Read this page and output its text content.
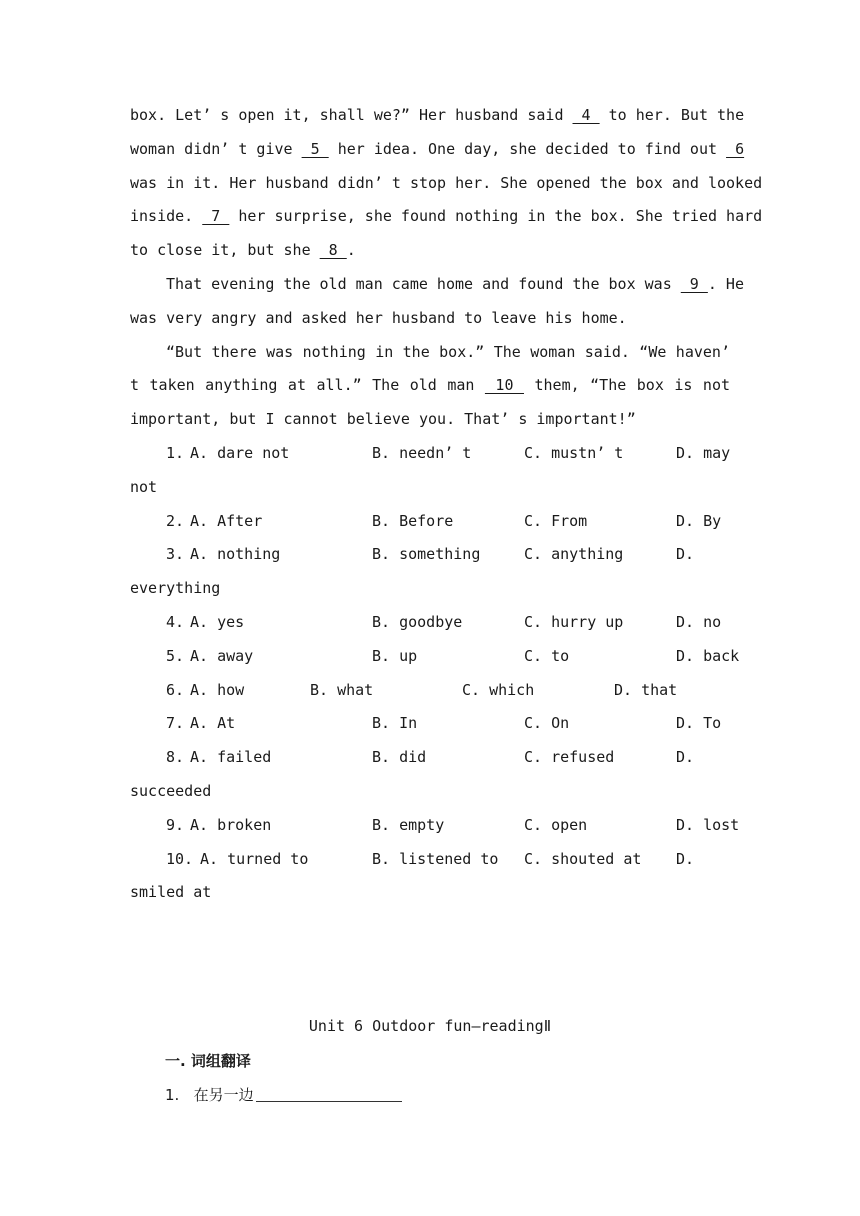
box. Let’ s open it, shall we?” Her husband said  4  to her. But the
woman didn’ t give  5  her idea. One day, she decided to find out  6
was in it. Her husband didn’ t stop her. She opened the box and looked
inside.  7  her surprise, she found nothing in the box. She tried hard
to close it, but she  8 .
That evening the old man came home and found the box was  9 . He
was very angry and asked her husband to leave his home.
“But there was nothing in the box.” The woman said. “We haven’
t taken anything at all.” The old man  10  them, “The box is not
important, but I cannot believe you. That’ s important!”
1. A. dare not	B. needn’ t	C. mustn’ t	D. may
not
2. A. After	B. Before	C. From	D. By
3. A. nothing	B. something	C. anything	D.
everything
4. A. yes	B. goodbye	C. hurry up	D. no
5. A. away	B. up	C. to	D. back
6. A. how	B. what	C. which	D. that
7. A. At	B. In	C. On	D. To
8. A. failed	B. did	C. refused	D.
succeeded
9. A. broken	B. empty	C. open	D. lost
10. A. turned to	B. listened to C. shouted at D.
smiled at
Unit 6 Outdoor fun—readingⅡ
一. 词组翻译
1. 在另一边
